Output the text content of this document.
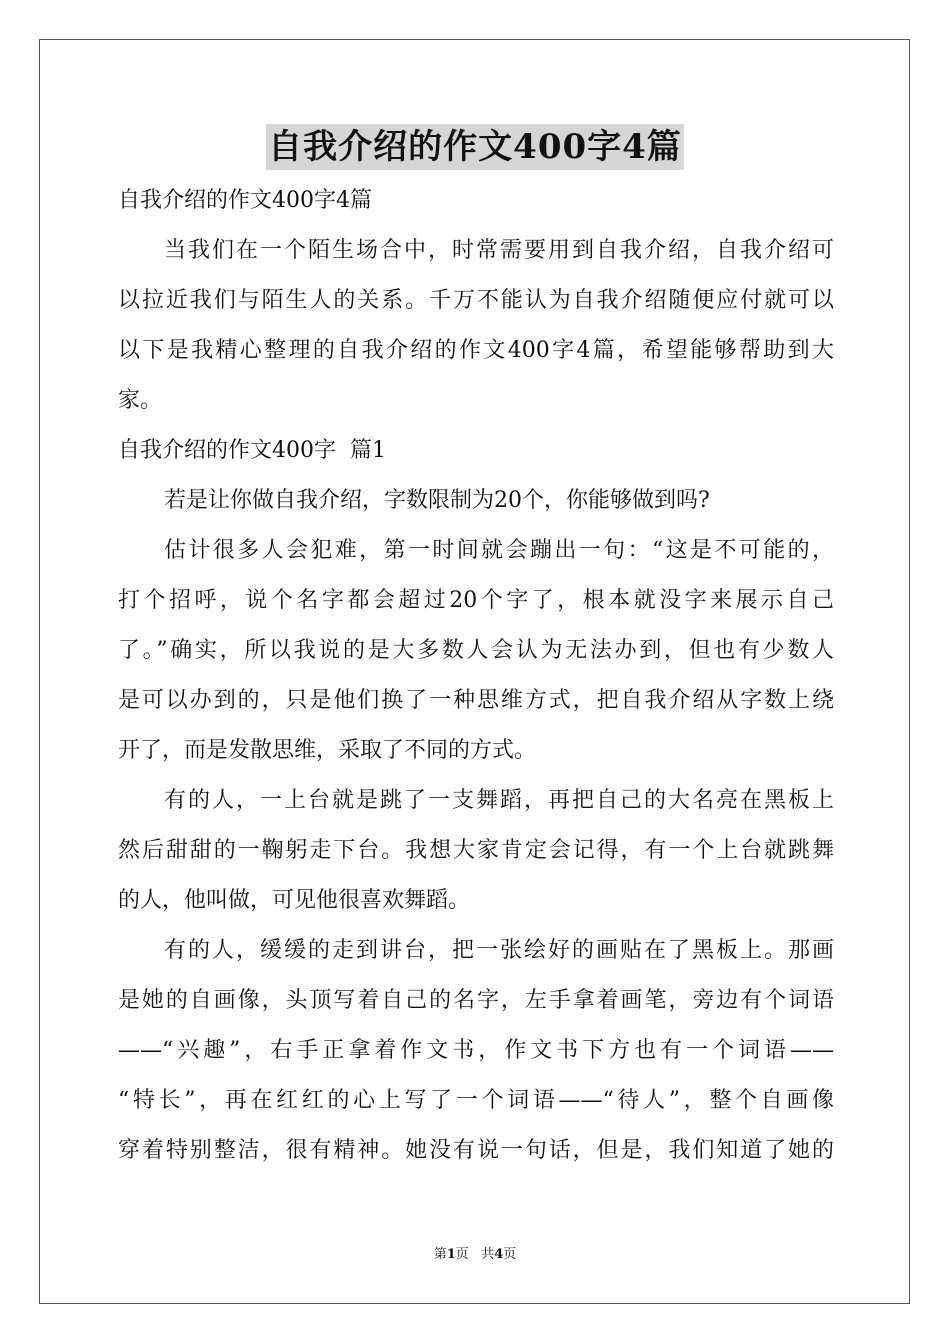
自我介绍的作文400字4篇
自我介绍的作文400字4篇
当我们在一个陌生场合中，时常需要用到自我介绍，自我介绍可
以拉近我们与陌生人的关系。千万不能认为自我介绍随便应付就可以
以下是我精心整理的自我介绍的作文400字4篇，希望能够帮助到大
家。
自我介绍的作文400字  篇1
若是让你做自我介绍，字数限制为20个，你能够做到吗?
估计很多人会犯难，第一时间就会蹦出一句：“这是不可能的，
打个招呼，说个名字都会超过20个字了，根本就没字来展示自己
了。”确实，所以我说的是大多数人会认为无法办到，但也有少数人
是可以办到的，只是他们换了一种思维方式，把自我介绍从字数上绕
开了，而是发散思维，采取了不同的方式。
有的人，一上台就是跳了一支舞蹈，再把自己的大名亮在黑板上
然后甜甜的一鞠躬走下台。我想大家肯定会记得，有一个上台就跳舞
的人，他叫做，可见他很喜欢舞蹈。
有的人，缓缓的走到讲台，把一张绘好的画贴在了黑板上。那画
是她的自画像，头顶写着自己的名字，左手拿着画笔，旁边有个词语
——“兴趣”，右手正拿着作文书，作文书下方也有一个词语——
“特长”，再在红红的心上写了一个词语——“待人”，整个自画像
穿着特别整洁，很有精神。她没有说一句话，但是，我们知道了她的
第1页   共4页
